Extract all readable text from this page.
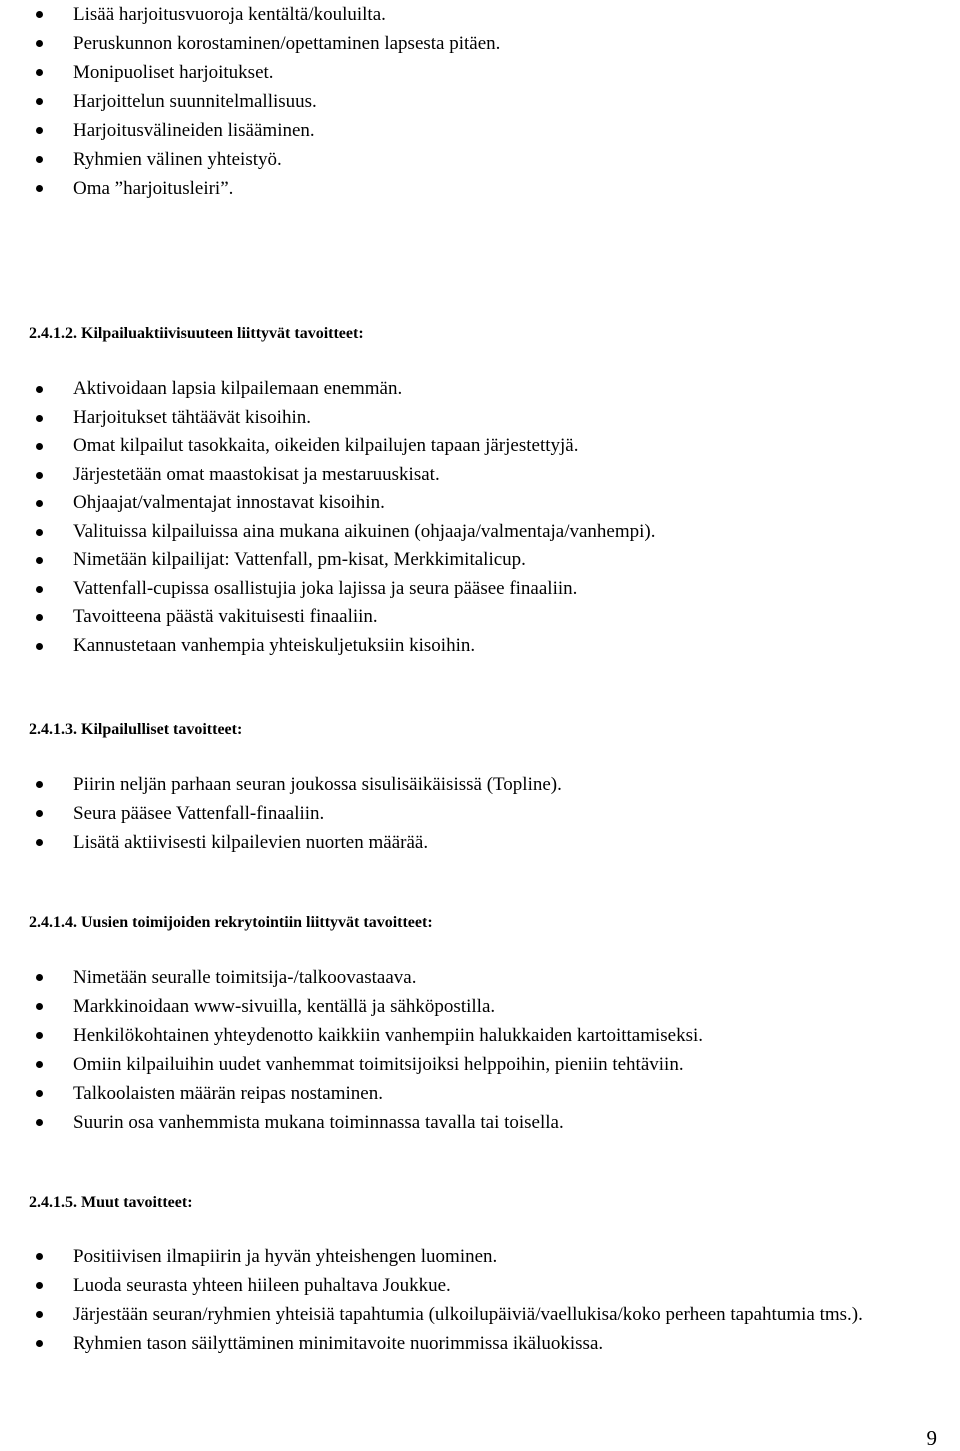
Lisää harjoitusvuoroja kentältä/kouluilta.
Peruskunnon korostaminen/opettaminen lapsesta pitäen.
Monipuoliset harjoitukset.
Harjoittelun suunnitelmallisuus.
Harjoitusvälineiden lisääminen.
Ryhmien välinen yhteistyö.
Oma ”harjoitusleiri”.
2.4.1.2. Kilpailuaktiivisuuteen liittyvät tavoitteet:
Aktivoidaan lapsia kilpailemaan enemmän.
Harjoitukset tähtäävät kisoihin.
Omat kilpailut tasokkaita, oikeiden kilpailujen tapaan järjestettyjä.
Järjestetään omat maastokisat ja mestaruuskisat.
Ohjaajat/valmentajat innostavat kisoihin.
Valituissa kilpailuissa aina mukana aikuinen (ohjaaja/valmentaja/vanhempi).
Nimetään kilpailijat: Vattenfall, pm-kisat, Merkkimitalicup.
Vattenfall-cupissa osallistujia joka lajissa ja seura pääsee finaaliin.
Tavoitteena päästä vakituisesti finaaliin.
Kannustetaan vanhempia yhteiskuljetuksiin kisoihin.
2.4.1.3. Kilpailulliset tavoitteet:
Piirin neljän parhaan seuran joukossa sisulisäikäisissä (Topline).
Seura pääsee Vattenfall-finaaliin.
Lisätä aktiivisesti kilpailevien nuorten määrää.
2.4.1.4. Uusien toimijoiden rekrytointiin liittyvät tavoitteet:
Nimetään seuralle toimitsija-/talkoovastaava.
Markkinoidaan www-sivuilla, kentällä ja sähköpostilla.
Henkilökohtainen yhteydenotto kaikkiin vanhempiin halukkaiden kartoittamiseksi.
Omiin kilpailuihin uudet vanhemmat toimitsijoiksi helppoihin, pieniin tehtäviin.
Talkoolaisten määrän reipas nostaminen.
Suurin osa vanhemmista mukana toiminnassa tavalla tai toisella.
2.4.1.5. Muut tavoitteet:
Positiivisen ilmapiirin ja hyvän yhteishengen luominen.
Luoda seurasta yhteen hiileen puhaltava Joukkue.
Järjestään seuran/ryhmien yhteisiä tapahtumia (ulkoilupäiviä/vaellukisa/koko perheen tapahtumia tms.).
Ryhmien tason säilyttäminen minimitavoite nuorimmissa ikäluokissa.
9
